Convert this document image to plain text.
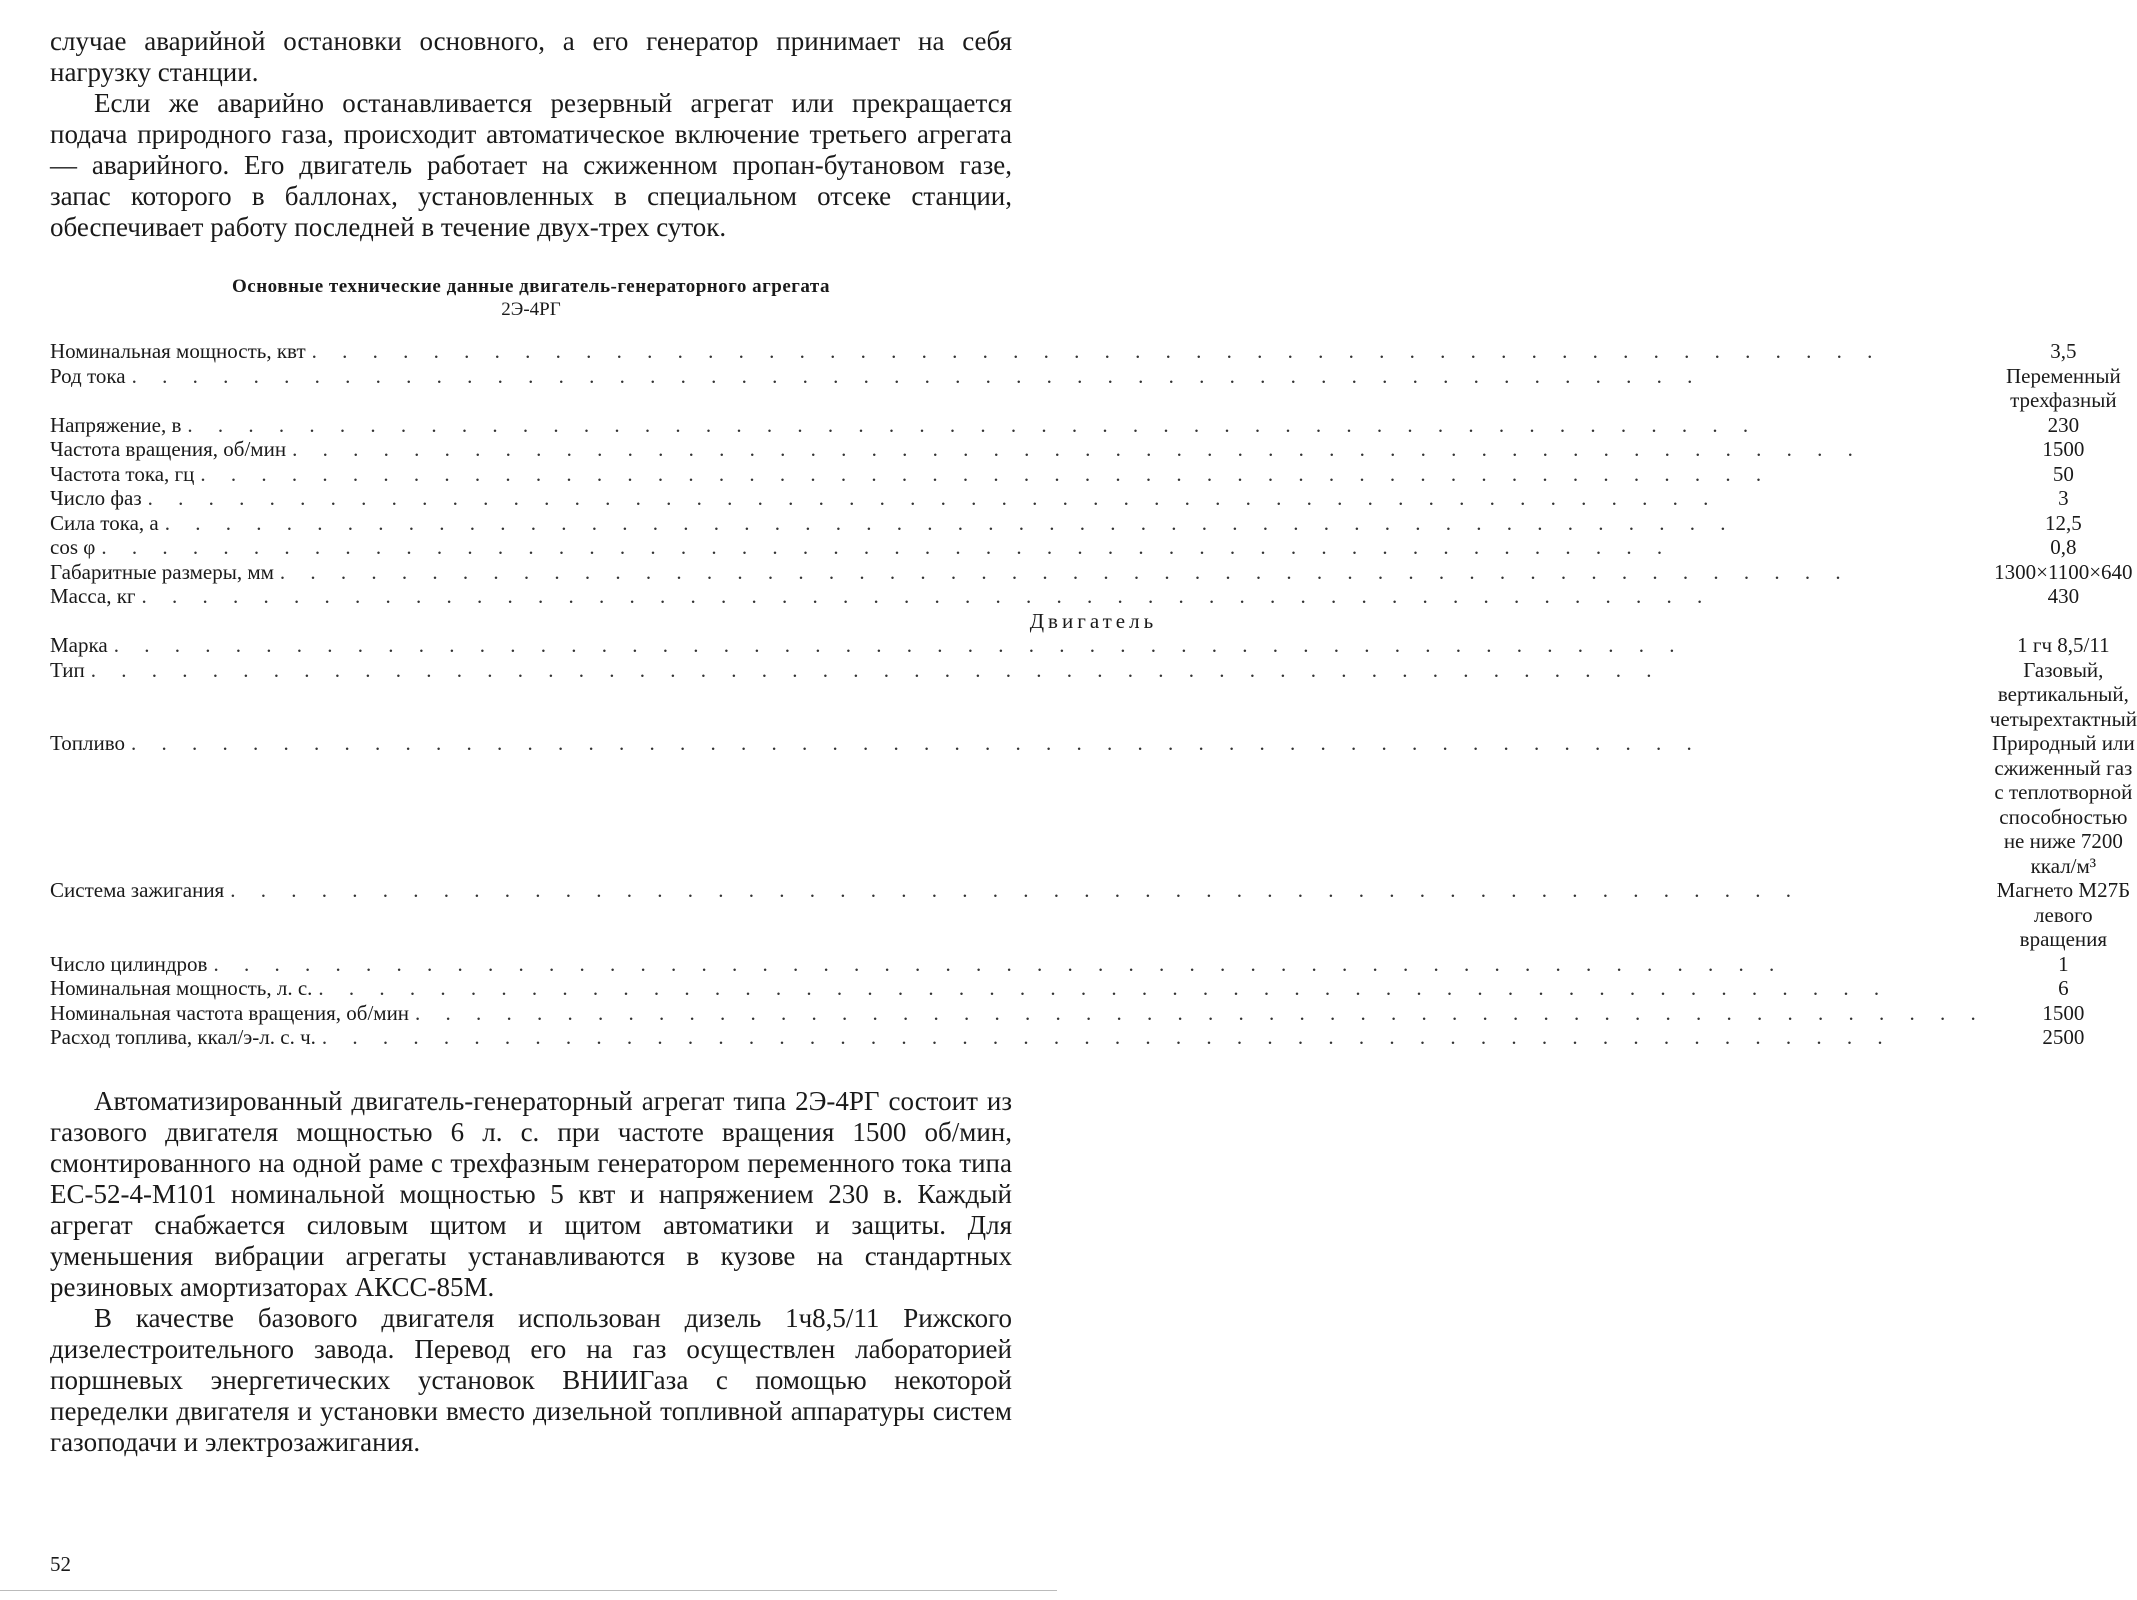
случае аварийной остановки основного, а его генератор принимает на себя нагрузку станции.

Если же аварийно останавливается резервный агрегат или прекращается подача природного газа, происходит автоматическое включение третьего агрегата — аварийного. Его двигатель работает на сжиженном пропан-бутановом газе, запас которого в баллонах, установленных в специальном отсеке станции, обеспечивает работу последней в течение двух-трех суток.

Основные технические данные двигатель-генераторного агрегата
2Э-4РГ
Номинальная мощность, квт
. . .	3,5

Род тока
. . .	Переменный трехфазный

Напряжение, в
. . .	230

Частота вращения, об/мин
. . .	1500

Частота тока, гц
. . .	50

Число фаз
. . .	3

Сила тока, а
. . .	12,5

cos φ
. . .	0,8

Габаритные размеры, мм
. . .	1300×1100×640

Масса, кг
. . .	430

Двигатель	

Марка
. . .	1 гч 8,5/11

Тип
. . .	Газовый, вертикальный, четырехтактный

Топливо
. . .	Природный или сжиженный газ с теплотворной способностью не ниже 7200 ккал/м³

Система зажигания
. . .	Магнето М27Б левого вращения

Число цилиндров
. . .	1

Номинальная мощность, л. с.
. . .	6

Номинальная частота вращения, об/мин
. . .	1500

Расход топлива, ккал/э-л. с. ч.
. . .	2500

Автоматизированный двигатель-генераторный агрегат типа 2Э-4РГ состоит из газового двигателя мощностью 6 л. с. при частоте вращения 1500 об/мин, смонтированного на одной раме с трехфазным генератором переменного тока типа ЕС-52-4-М101 номинальной мощностью 5 квт и напряжением 230 в. Каждый агрегат снабжается силовым щитом и щитом автоматики и защиты. Для уменьшения вибрации агрегаты устанавливаются в кузове на стандартных резиновых амортизаторах АКСС-85М.

В качестве базового двигателя использован дизель 1ч8,5/11 Рижского дизелестроительного завода. Перевод его на газ осуществлен лабораторией поршневых энергетических установок ВНИИГаза с помощью некоторой переделки двигателя и установки вместо дизельной топливной аппаратуры систем газоподачи и электрозажигания.

52
